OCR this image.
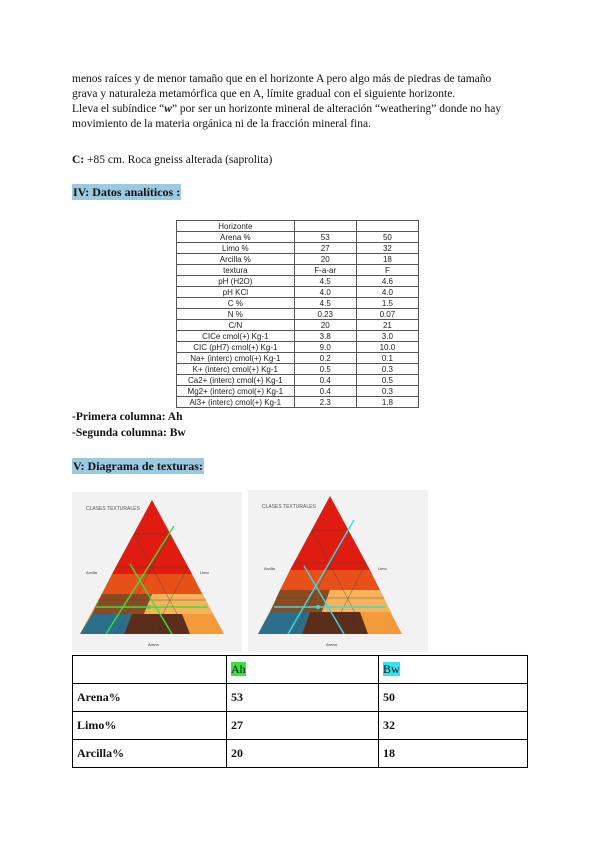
menos raíces y de menor tamaño que en el horizonte A pero algo más de piedras de tamaño

grava y naturaleza metamórfica que en A, límite gradual con el siguiente horizonte.

Lleva el subíndice “w” por ser un horizonte mineral de alteración “weathering” donde no hay

movimiento de la materia orgánica ni de la fracción mineral fina.

C: +85 cm. Roca gneiss alterada (saprolita)

IV: Datos analíticos :

Horizonte		
Arena %	53	50
Limo %	27	32
Arcilla %	20	18
textura	F-a-ar	F
pH (H2O)	4.5	4.6
pH KCl	4.0	4.0
C %	4.5	1.5
N %	0.23	0.07
C/N	20	21
CICe cmol(+) Kg-1	3.8	3.0
CIC (pH7) cmol(+) Kg-1	9.0	10.0
Na+ (interc) cmol(+) Kg-1	0.2	0.1
K+ (interc) cmol(+) Kg-1	0.5	0.3
Ca2+ (interc) cmol(+) Kg-1	0.4	0.5
Mg2+ (interc) cmol(+) Kg-1	0.4	0.3
Al3+ (interc) cmol(+) Kg-1	2.3	1.8

-Primera columna: Ah

-Segunda columna: Bw

V: Diagrama de texturas:

CLASES TEXTURALES
Arcilla	Limo
Arena
CLASES TEXTURALES
Arcilla	Limo
Arena
	Ah	Bw
Arena%	53	50
Limo%	27	32
Arcilla%	20	18
